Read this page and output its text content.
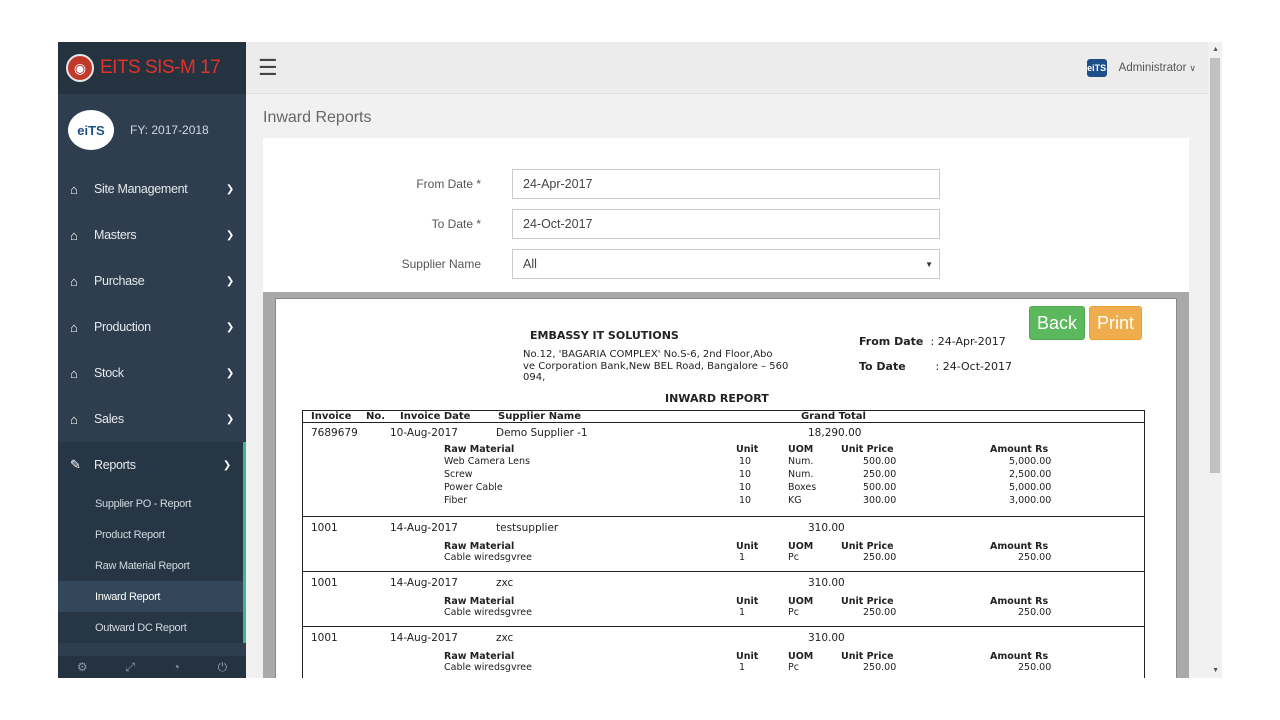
◉ EITS SIS-M 17
eiTS	FY: 2017-2018
⌂	Site Management	❯
⌂	Masters	❯
⌂	Purchase	❯
⌂	Production	❯
⌂	Stock	❯
⌂	Sales	❯
✎ Reports	❯
Supplier PO - Report
Product Report
Raw Material Report
Inward Report
Outward DC Report
⚙	⤢	◔	⏻
☰	eiTS Administrator ∨
Inward Reports
From Date *	24-Apr-2017
To Date *	24-Oct-2017
Supplier Name	All	▼
Back	Print
EMBASSY IT SOLUTIONS
No.12, 'BAGARIA COMPLEX' No.S-6, 2nd Floor,Abo
ve Corporation Bank,New BEL Road, Bangalore – 560 094,
From Date : 24-Apr-2017
To Date	: 24-Oct-2017
INWARD REPORT
Invoice No. Invoice Date	Supplier Name	Grand Total
7689679	10-Aug-2017	Demo Supplier -1	18,290.00
Raw Material	Unit	UOM	Unit Price	Amount Rs
Web Camera Lens	10	Num.	500.00	5,000.00
Screw	10	Num.	250.00	2,500.00
Power Cable	10	Boxes	500.00	5,000.00
Fiber	10	KG	300.00	3,000.00
1001	14-Aug-2017	testsupplier	310.00
Raw Material	Unit	UOM	Unit Price	Amount Rs
Cable wiredsgvree	1	Pc	250.00	250.00
1001	14-Aug-2017	zxc	310.00
Raw Material	Unit	UOM	Unit Price	Amount Rs
Cable wiredsgvree	1	Pc	250.00	250.00
1001	14-Aug-2017	zxc	310.00
Raw Material	Unit	UOM	Unit Price	Amount Rs
Cable wiredsgvree	1	Pc	250.00	250.00
▲
▼
